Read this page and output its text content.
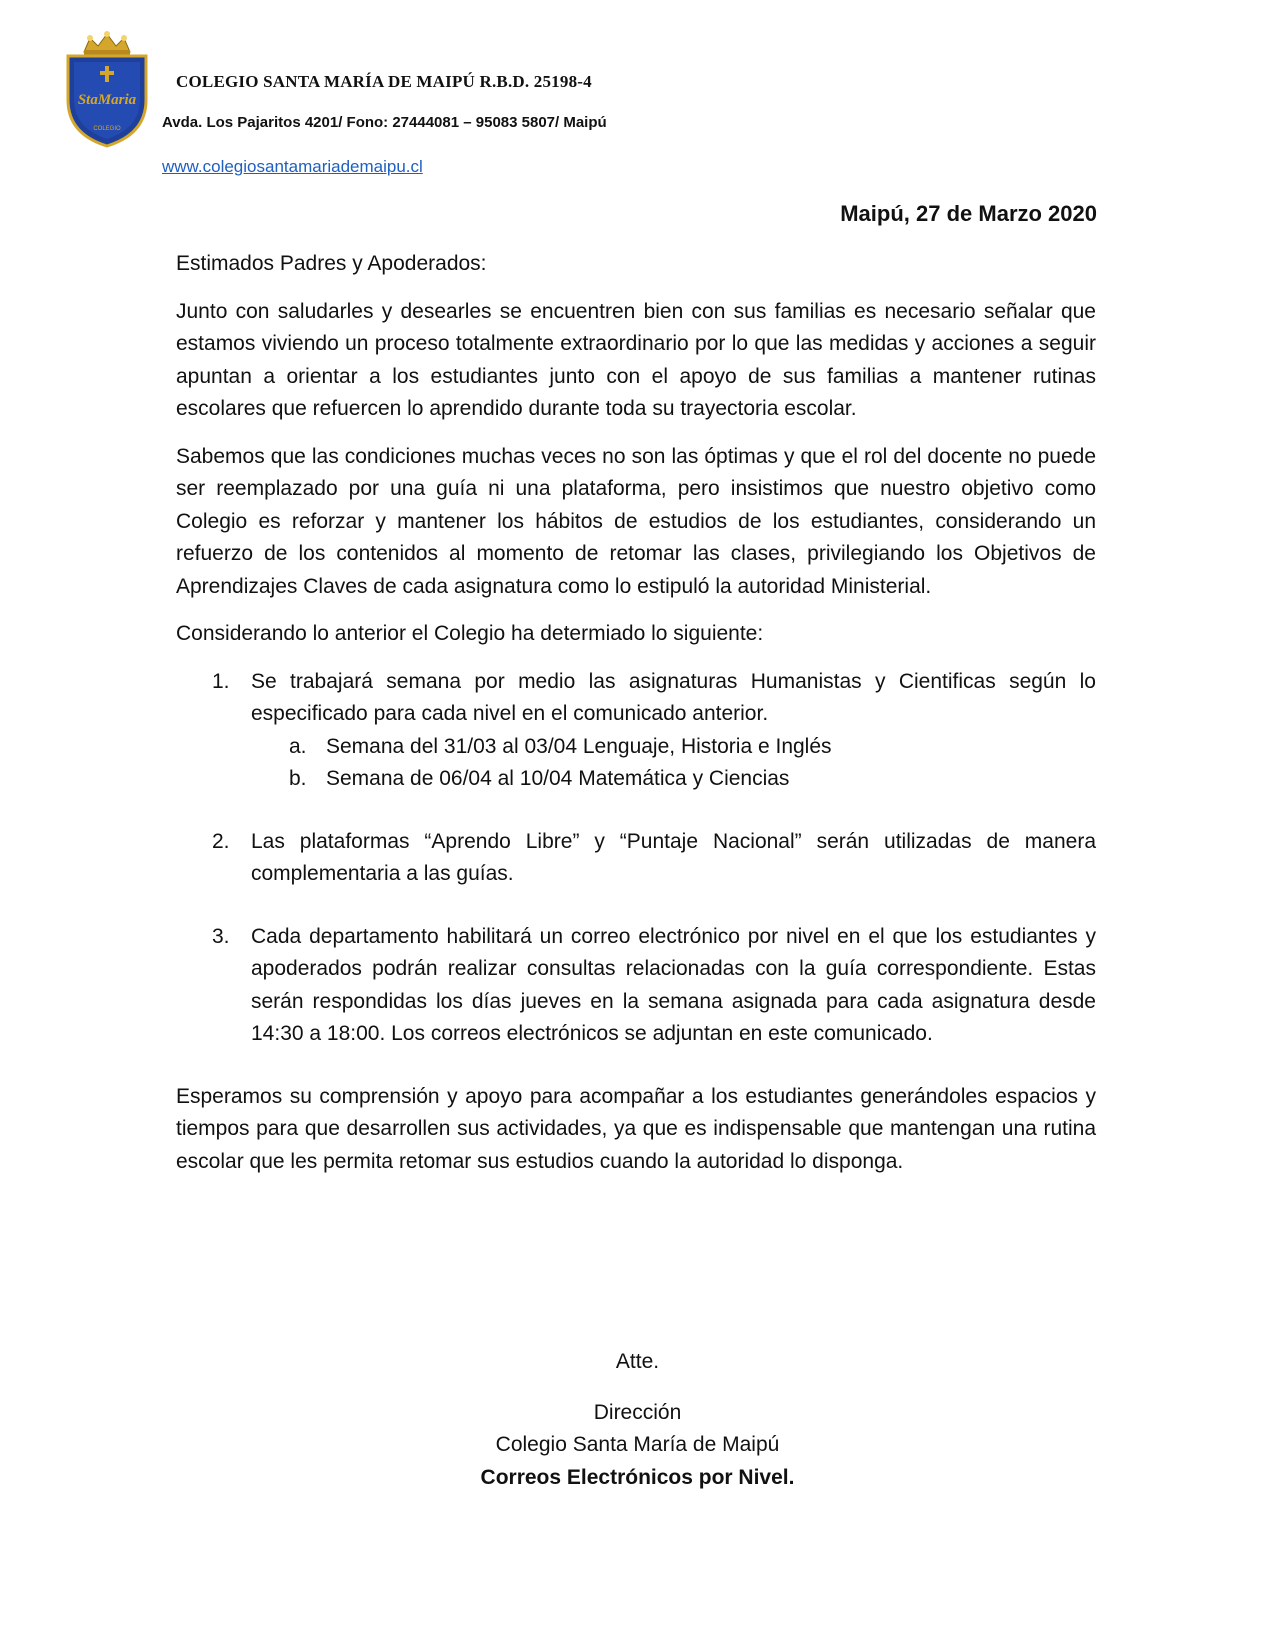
StaMaria
COLEGIO
COLEGIO SANTA MARÍA DE MAIPÚ R.B.D. 25198-4
Avda. Los Pajaritos 4201/ Fono: 27444081 – 95083 5807/ Maipú
www.colegiosantamariademaipu.cl
Maipú, 27 de Marzo 2020

Estimados Padres y Apoderados:

Junto con saludarles y desearles se encuentren bien con sus familias es necesario señalar que estamos viviendo un proceso totalmente extraordinario por lo que las medidas y acciones a seguir apuntan a orientar a los estudiantes junto con el apoyo de sus familias a mantener rutinas escolares que refuercen lo aprendido durante toda su trayectoria escolar.

Sabemos que las condiciones muchas veces no son las óptimas y que el rol del docente no puede ser reemplazado por una guía ni una plataforma, pero insistimos que nuestro objetivo como Colegio es reforzar y mantener los hábitos de estudios de los estudiantes, considerando un refuerzo de los contenidos al momento de retomar las clases, privilegiando los Objetivos de Aprendizajes Claves de cada asignatura como lo estipuló la autoridad Ministerial.

Considerando lo anterior el Colegio ha determiado lo siguiente:

1. Se trabajará semana por medio las asignaturas Humanistas y Cientificas según lo especificado para cada nivel en el comunicado anterior.
a. Semana del 31/03 al 03/04 Lenguaje, Historia e Inglés
b. Semana de 06/04 al 10/04 Matemática y Ciencias
2. Las plataformas “Aprendo Libre” y “Puntaje Nacional” serán utilizadas de manera complementaria a las guías.
3. Cada departamento habilitará un correo electrónico por nivel en el que los estudiantes y apoderados podrán realizar consultas relacionadas con la guía correspondiente. Estas serán respondidas los días jueves en la semana asignada para cada asignatura desde 14:30 a 18:00. Los correos electrónicos se adjuntan en este comunicado.

Esperamos su comprensión y apoyo para acompañar a los estudiantes generándoles espacios y tiempos para que desarrollen sus actividades, ya que es indispensable que mantengan una rutina escolar que les permita retomar sus estudios cuando la autoridad lo disponga.

Atte.
Dirección
Colegio Santa María de Maipú
Correos Electrónicos por Nivel.
